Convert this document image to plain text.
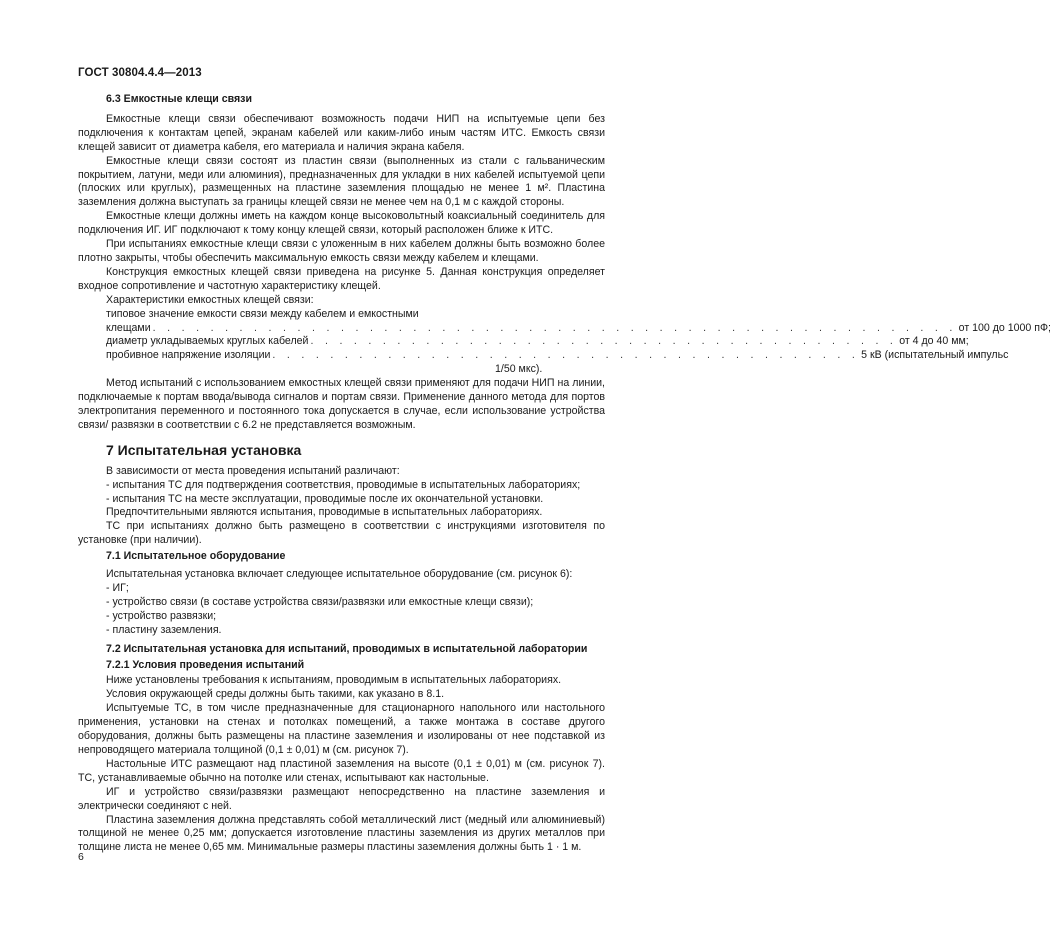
ГОСТ 30804.4.4—2013
6.3 Емкостные клещи связи

Емкостные клещи связи обеспечивают возможность подачи НИП на испытуемые цепи без подключения к контактам цепей, экранам кабелей или каким-либо иным частям ИТС. Емкость связи клещей зависит от диаметра кабеля, его материала и наличия экрана кабеля.

Емкостные клещи связи состоят из пластин связи (выполненных из стали с гальваническим покрытием, латуни, меди или алюминия), предназначенных для укладки в них кабелей испытуемой цепи (плоских или круглых), размещенных на пластине заземления площадью не менее 1 м². Пластина заземления должна выступать за границы клещей связи не менее чем на 0,1 м с каждой стороны.

Емкостные клещи должны иметь на каждом конце высоковольтный коаксиальный соединитель для подключения ИГ. ИГ подключают к тому концу клещей связи, который расположен ближе к ИТС.

При испытаниях емкостные клещи связи с уложенным в них кабелем должны быть возможно более плотно закрыты, чтобы обеспечить максимальную емкость связи между кабелем и клещами.

Конструкция емкостных клещей связи приведена на рисунке 5. Данная конструкция определяет входное сопротивление и частотную характеристику клещей.

Характеристики емкостных клещей связи:
типовое значение емкости связи между кабелем и емкостными
клещами . . . . . . . . . . . . . . . . . . . . . . . . . . . . . . . . . . . . . . . . . . . . . . . . . . . . . . . . от 100 до 1000 пФ;
диаметр укладываемых круглых кабелей . . . . . . . . . . . . . . . . . . . . . . . . . . . . . . . . . . . . . . . . . от 4 до 40 мм;
пробивное напряжение изоляции . . . . . . . . . . . . . . . . . . . . . . . . . . . . . . . . . . . . . . . . . 5 кВ (испытательный импульс
1/50 мкс).

Метод испытаний с использованием емкостных клещей связи применяют для подачи НИП на линии, подключаемые к портам ввода/вывода сигналов и портам связи. Применение данного метода для портов электропитания переменного и постоянного тока допускается в случае, если использование устройства связи/ развязки в соответствии с 6.2 не представляется возможным.

7 Испытательная установка
В зависимости от места проведения испытаний различают:
- испытания ТС для подтверждения соответствия, проводимые в испытательных лабораториях;
- испытания ТС на месте эксплуатации, проводимые после их окончательной установки.

Предпочтительными являются испытания, проводимые в испытательных лабораториях.

ТС при испытаниях должно быть размещено в соответствии с инструкциями изготовителя по установке (при наличии).

7.1 Испытательное оборудование
Испытательная установка включает следующее испытательное оборудование (см. рисунок 6):
- ИГ;
- устройство связи (в составе устройства связи/развязки или емкостные клещи связи);
- устройство развязки;
- пластину заземления.
7.2 Испытательная установка для испытаний, проводимых в испытательной лаборатории
7.2.1 Условия проведения испытаний

Ниже установлены требования к испытаниям, проводимым в испытательных лабораториях.

Условия окружающей среды должны быть такими, как указано в 8.1.

Испытуемые ТС, в том числе предназначенные для стационарного напольного или настольного применения, установки на стенах и потолках помещений, а также монтажа в составе другого оборудования, должны быть размещены на пластине заземления и изолированы от нее подставкой из непроводящего материала толщиной (0,1 ± 0,01) м (см. рисунок 7).

Настольные ИТС размещают над пластиной заземления на высоте (0,1 ± 0,01) м (см. рисунок 7). ТС, устанавливаемые обычно на потолке или стенах, испытывают как настольные.

ИГ и устройство связи/развязки размещают непосредственно на пластине заземления и электрически соединяют с ней.

Пластина заземления должна представлять собой металлический лист (медный или алюминиевый) толщиной не менее 0,25 мм; допускается изготовление пластины заземления из других металлов при толщине листа не менее 0,65 мм. Минимальные размеры пластины заземления должны быть 1 · 1 м.

6
